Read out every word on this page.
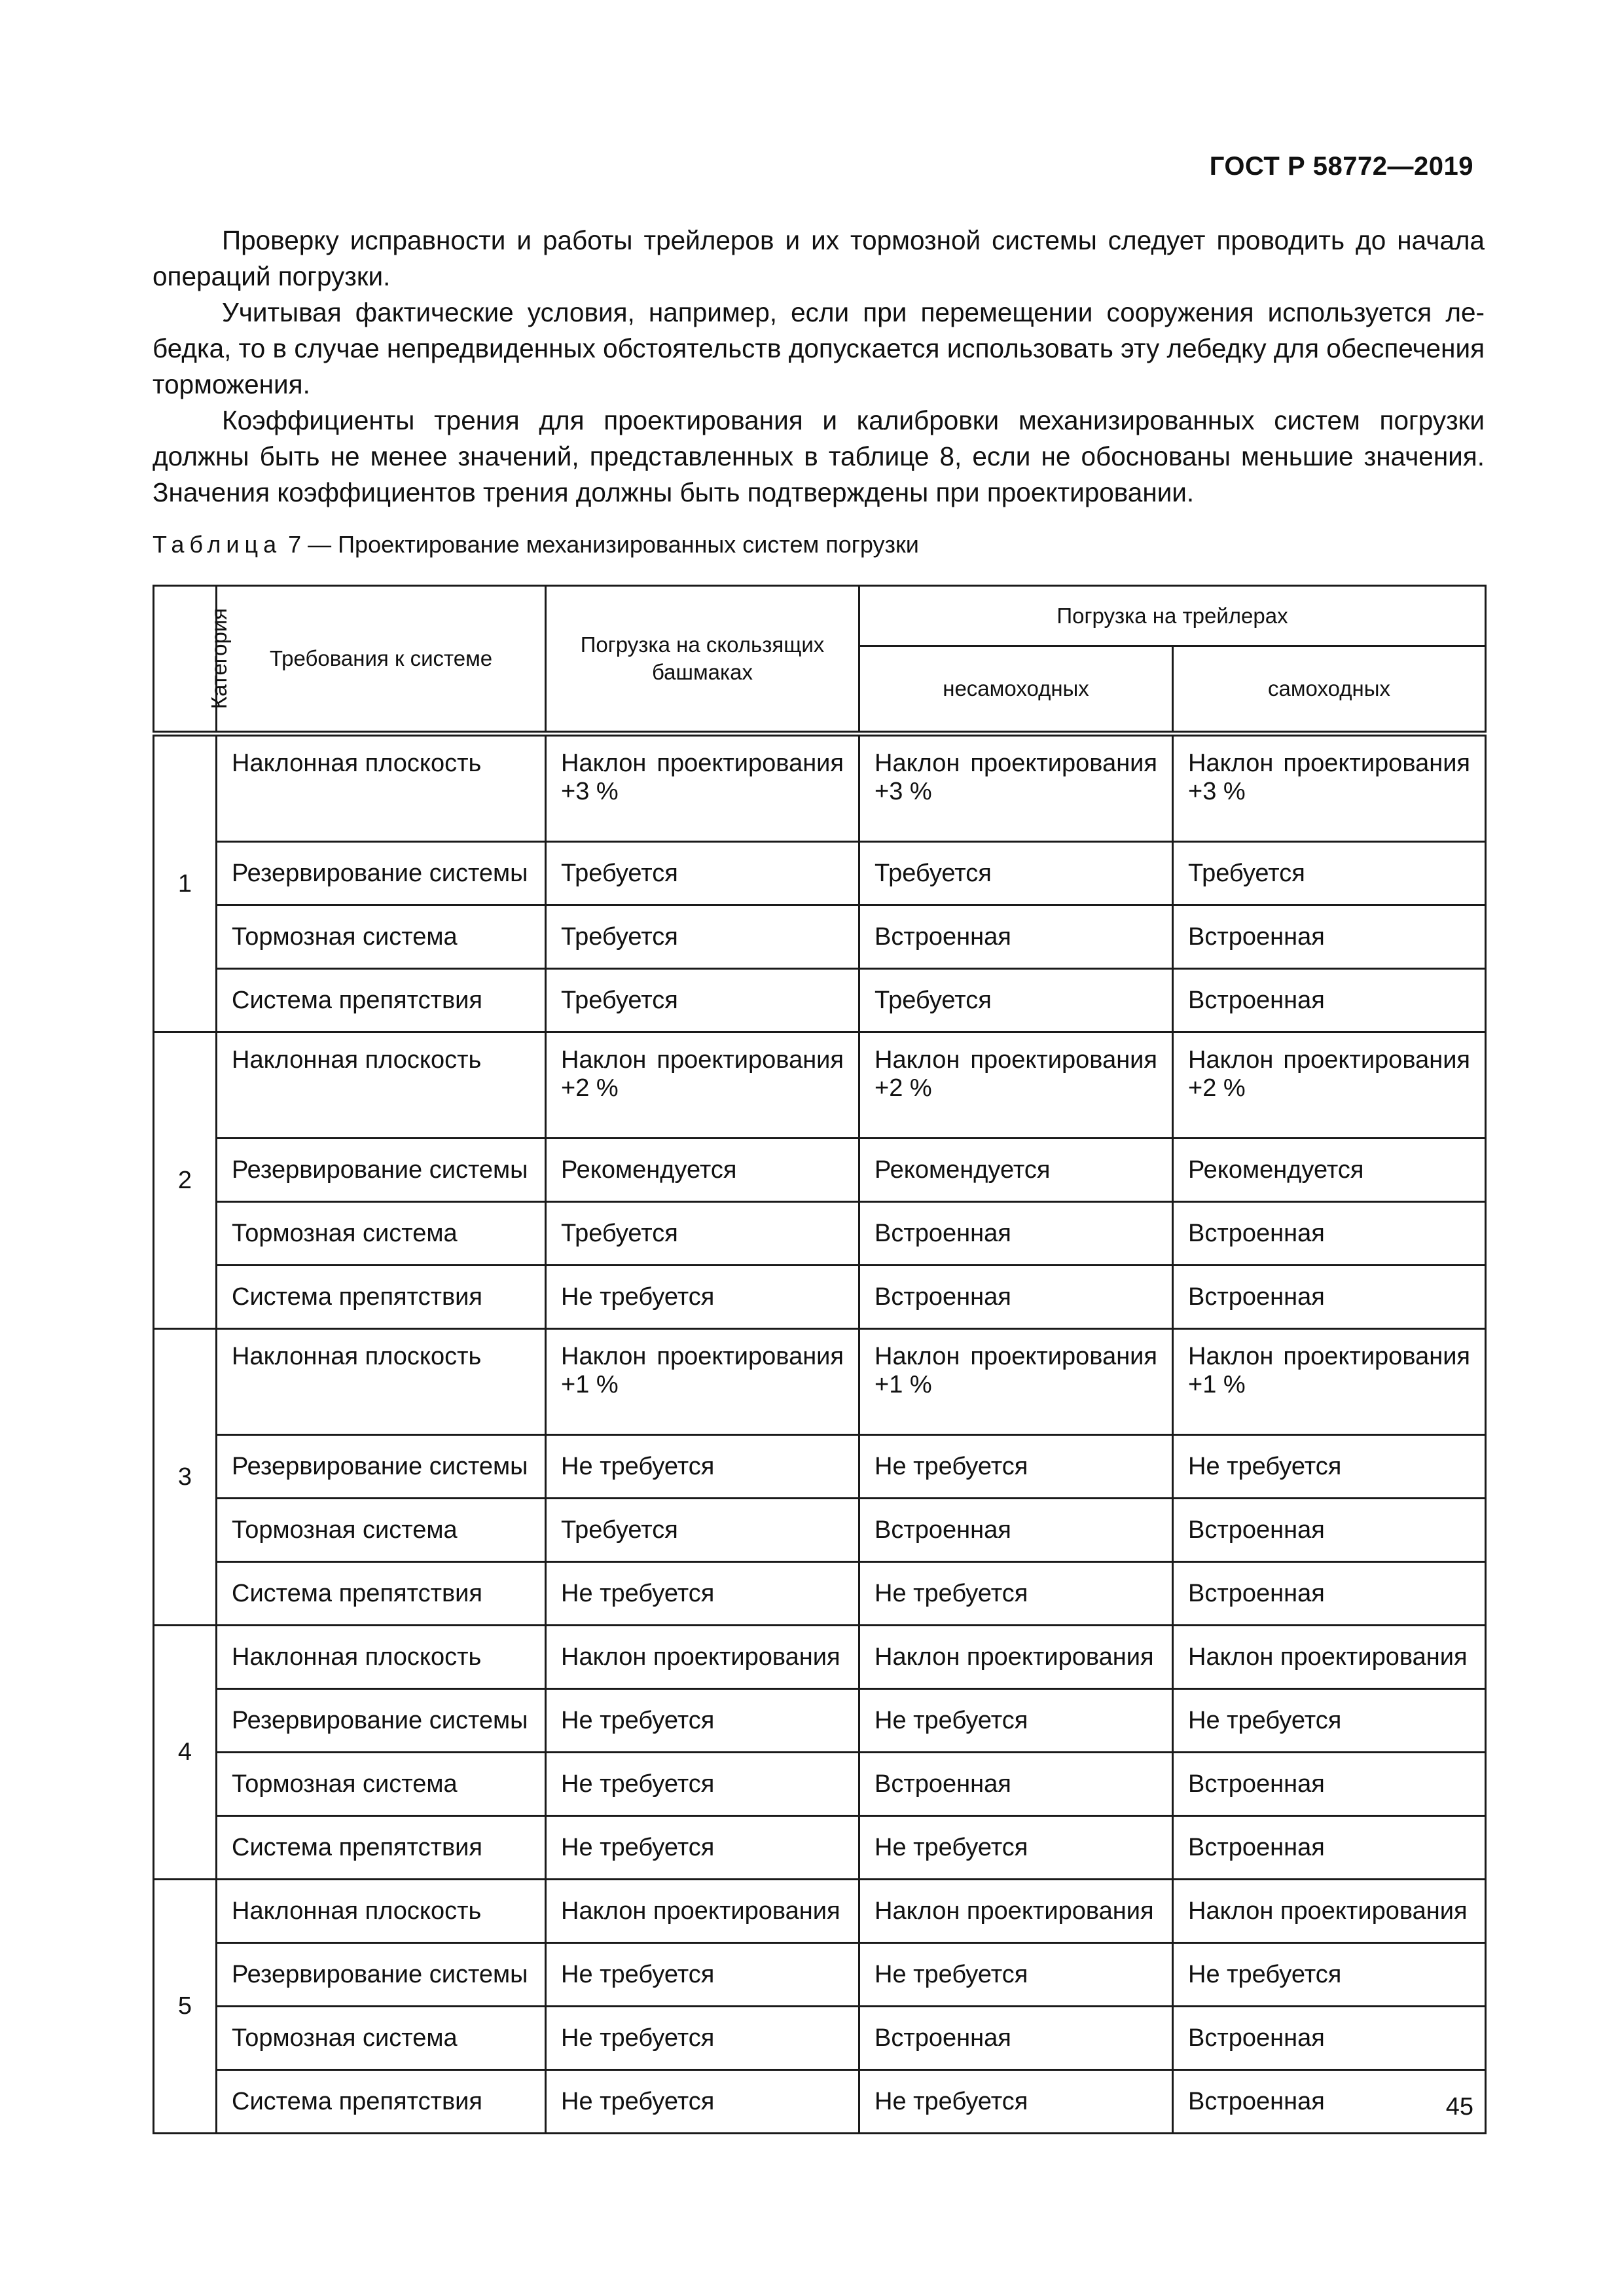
ГОСТ Р 58772—2019

Проверку исправности и работы трейлеров и их тормозной системы следует проводить до начала операций погрузки.

Учитывая фактические условия, например, если при перемещении сооружения используется лебедка, то в случае непредвиденных обстоятельств допускается использовать эту лебедку для обеспечения торможения.

Коэффициенты трения для проектирования и калибровки механизированных систем погрузки должны быть не менее значений, представленных в таблице 8, если не обоснованы меньшие значения. Значения коэффициентов трения должны быть подтверждены при проектировании.

Таблица 7 — Проектирование механизированных систем погрузки
Категория	Требования к системе	Погрузка на скользящих башмаках	Погрузка на трейлерах	
			несамоходных	самоходных
1	Наклонная плоскость	Наклон проектирования +3 %	Наклон проектирования +3 %	Наклон проектирования +3 %
	Резервирование системы	Требуется	Требуется	Требуется
	Тормозная система	Требуется	Встроенная	Встроенная
	Система препятствия	Требуется	Требуется	Встроенная
2	Наклонная плоскость	Наклон проектирования +2 %	Наклон проектирования +2 %	Наклон проектирования +2 %
	Резервирование системы	Рекомендуется	Рекомендуется	Рекомендуется
	Тормозная система	Требуется	Встроенная	Встроенная
	Система препятствия	Не требуется	Встроенная	Встроенная
3	Наклонная плоскость	Наклон проектирования +1 %	Наклон проектирования +1 %	Наклон проектирования +1 %
	Резервирование системы	Не требуется	Не требуется	Не требуется
	Тормозная система	Требуется	Встроенная	Встроенная
	Система препятствия	Не требуется	Не требуется	Встроенная
4	Наклонная плоскость	Наклон проектирования	Наклон проектирования	Наклон проектирования
	Резервирование системы	Не требуется	Не требуется	Не требуется
	Тормозная система	Не требуется	Встроенная	Встроенная
	Система препятствия	Не требуется	Не требуется	Встроенная
5	Наклонная плоскость	Наклон проектирования	Наклон проектирования	Наклон проектирования
	Резервирование системы	Не требуется	Не требуется	Не требуется
	Тормозная система	Не требуется	Встроенная	Встроенная
	Система препятствия	Не требуется	Не требуется	Встроенная	45
